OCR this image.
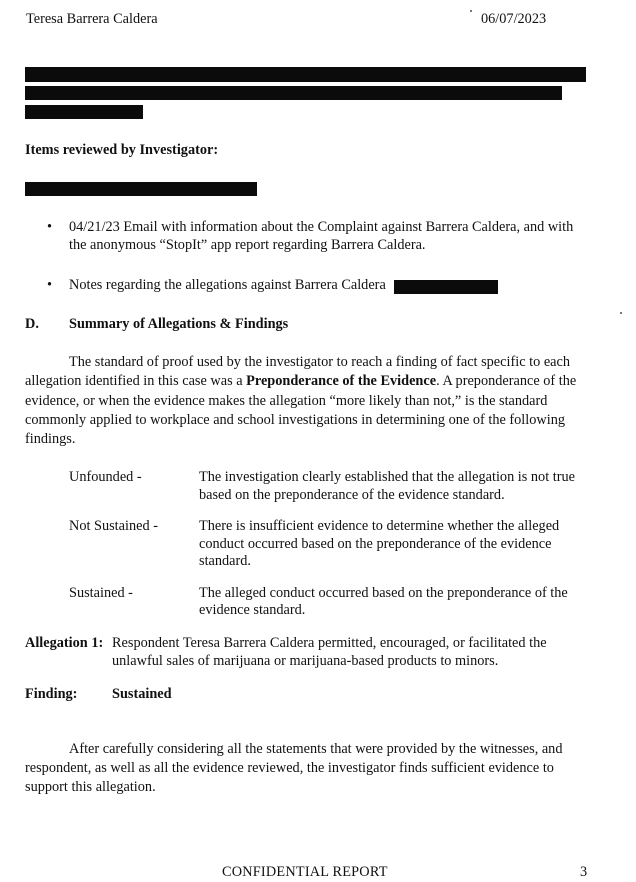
Teresa Barrera Caldera	06/07/2023
Items reviewed by Investigator:
• 04/21/23 Email with information about the Complaint against Barrera Caldera, and with
the anonymous “StopIt” app report regarding Barrera Caldera.
• Notes regarding the allegations against Barrera Caldera
D. Summary of Allegations & Findings
The standard of proof used by the investigator to reach a finding of fact specific to each
allegation identified in this case was a Preponderance of the Evidence. A preponderance of the
evidence, or when the evidence makes the allegation “more likely than not,” is the standard
commonly applied to workplace and school investigations in determining one of the following
findings.
Unfounded -	The investigation clearly established that the allegation is not true
based on the preponderance of the evidence standard.
Not Sustained -	There is insufficient evidence to determine whether the alleged
conduct occurred based on the preponderance of the evidence
standard.
Sustained -	The alleged conduct occurred based on the preponderance of the
evidence standard.
Allegation 1: Respondent Teresa Barrera Caldera permitted, encouraged, or facilitated the
unlawful sales of marijuana or marijuana-based products to minors.
Finding: Sustained
After carefully considering all the statements that were provided by the witnesses, and
respondent, as well as all the evidence reviewed, the investigator finds sufficient evidence to
support this allegation.
CONFIDENTIAL REPORT	3
